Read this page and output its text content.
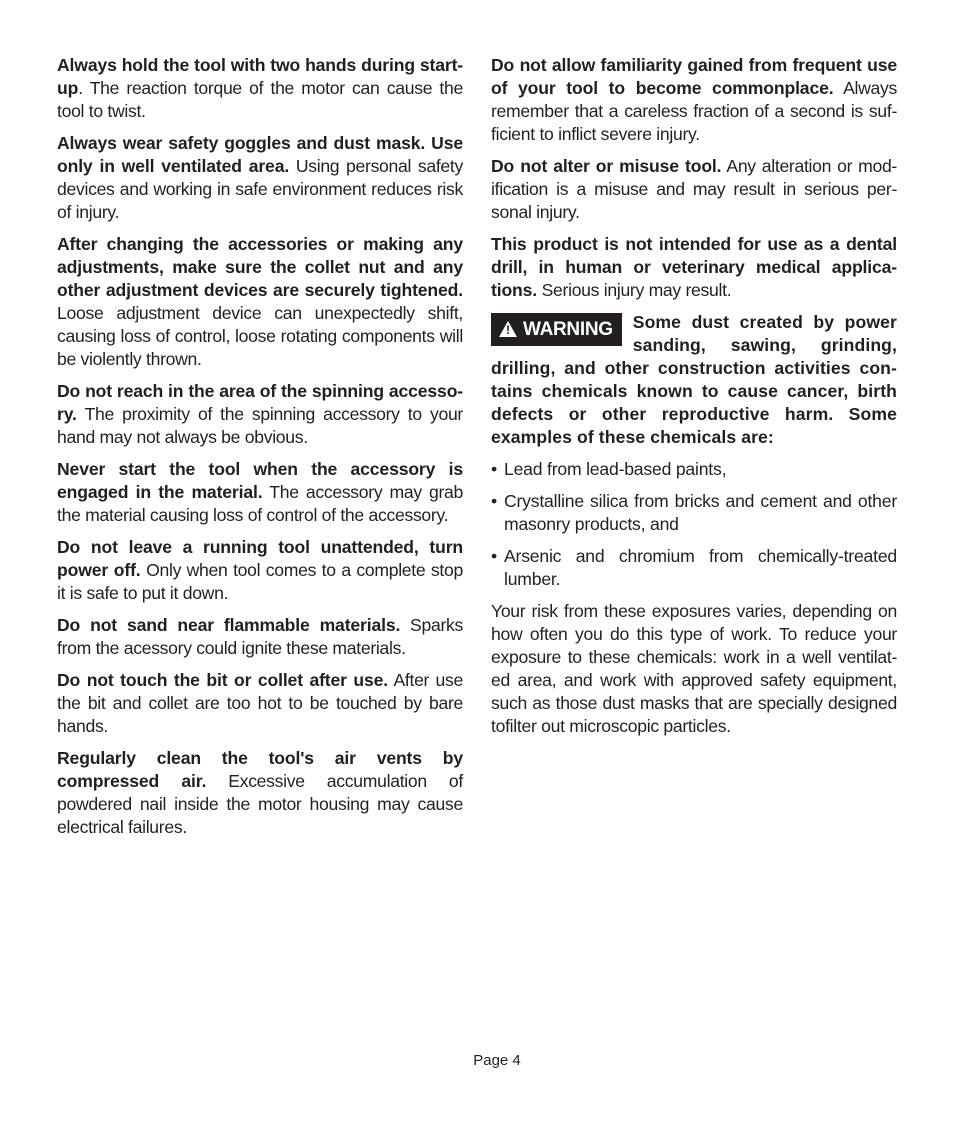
Always hold the tool with two hands during start-up. The reaction torque of the motor can cause the tool to twist.

Always wear safety goggles and dust mask. Use only in well ventilated area. Using personal safety devices and working in safe environment reduces risk of injury.

After changing the accessories or making any adjustments, make sure the collet nut and any other adjustment devices are securely tightened. Loose adjustment device can unexpectedly shift, causing loss of control, loose rotating components will be violently thrown.

Do not reach in the area of the spinning accesso-ry. The proximity of the spinning accessory to your hand may not always be obvious.

Never start the tool when the accessory is engaged in the material. The accessory may grab the material causing loss of control of the accessory.

Do not leave a running tool unattended, turn power off. Only when tool comes to a complete stop it is safe to put it down.

Do not sand near flammable materials. Sparks from the acessory could ignite these materials.

Do not touch the bit or collet after use. After use the bit and collet are too hot to be touched by bare hands.

Regularly clean the tool's air vents by compressed air. Excessive accumulation of powdered nail inside the motor housing may cause electrical failures.

Do not allow familiarity gained from frequent use of your tool to become commonplace. Always remember that a careless fraction of a second is suf-ficient to inflict severe injury.

Do not alter or misuse tool. Any alteration or mod-ification is a misuse and may result in serious per-sonal injury.

This product is not intended for use as a dental drill, in human or veterinary medical applica-tions. Serious injury may result.

! WARNING	Some dust created by power sanding, sawing, grinding, drilling, and other construction activities con-tains chemicals known to cause cancer, birth defects or other reproductive harm. Some examples of these chemicals are:
• Lead from lead-based paints,
• Crystalline silica from bricks and cement and other masonry products, and
• Arsenic and chromium from chemically-treated lumber.

Your risk from these exposures varies, depending on how often you do this type of work. To reduce your exposure to these chemicals: work in a well ventilat-ed area, and work with approved safety equipment, such as those dust masks that are specially designed tofilter out microscopic particles.

Page 4
